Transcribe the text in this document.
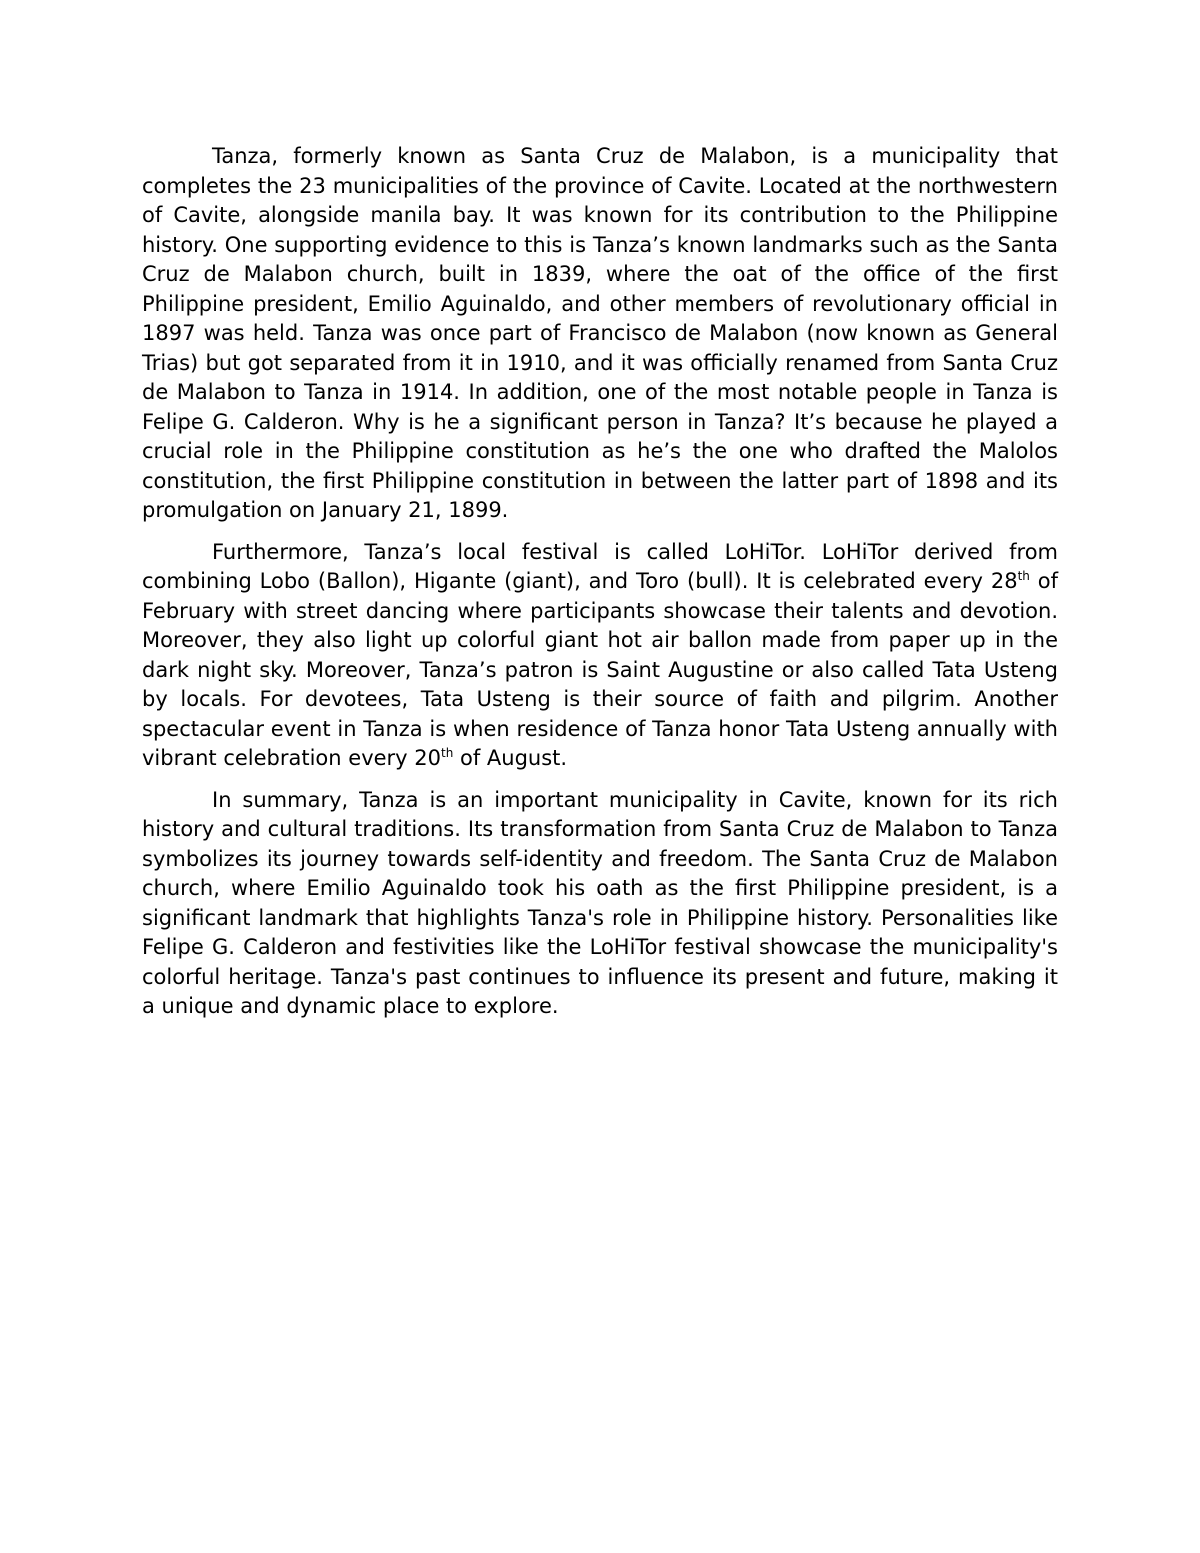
Tanza, formerly known as Santa Cruz de Malabon, is a municipality that completes the 23 municipalities of the province of Cavite. Located at the northwestern of Cavite, alongside manila bay. It was known for its contribution to the Philippine history. One supporting evidence to this is Tanza’s known landmarks such as the Santa Cruz de Malabon church, built in 1839, where the oat of the office of the first Philippine president, Emilio Aguinaldo, and other members of revolutionary official in 1897 was held. Tanza was once part of Francisco de Malabon (now known as General Trias) but got separated from it in 1910, and it was officially renamed from Santa Cruz de Malabon to Tanza in 1914. In addition, one of the most notable people in Tanza is Felipe G. Calderon. Why is he a significant person in Tanza? It’s because he played a crucial role in the Philippine constitution as he’s the one who drafted the Malolos constitution, the first Philippine constitution in between the latter part of 1898 and its promulgation on January 21, 1899.

Furthermore, Tanza’s local festival is called LoHiTor. LoHiTor derived from combining Lobo (Ballon), Higante (giant), and Toro (bull). It is celebrated every 28th of February with street dancing where participants showcase their talents and devotion. Moreover, they also light up colorful giant hot air ballon made from paper up in the dark night sky. Moreover, Tanza’s patron is Saint Augustine or also called Tata Usteng by locals. For devotees, Tata Usteng is their source of faith and pilgrim. Another spectacular event in Tanza is when residence of Tanza honor Tata Usteng annually with vibrant celebration every 20th of August.

In summary, Tanza is an important municipality in Cavite, known for its rich history and cultural traditions. Its transformation from Santa Cruz de Malabon to Tanza symbolizes its journey towards self-identity and freedom. The Santa Cruz de Malabon church, where Emilio Aguinaldo took his oath as the first Philippine president, is a significant landmark that highlights Tanza's role in Philippine history. Personalities like Felipe G. Calderon and festivities like the LoHiTor festival showcase the municipality's colorful heritage. Tanza's past continues to influence its present and future, making it a unique and dynamic place to explore.
